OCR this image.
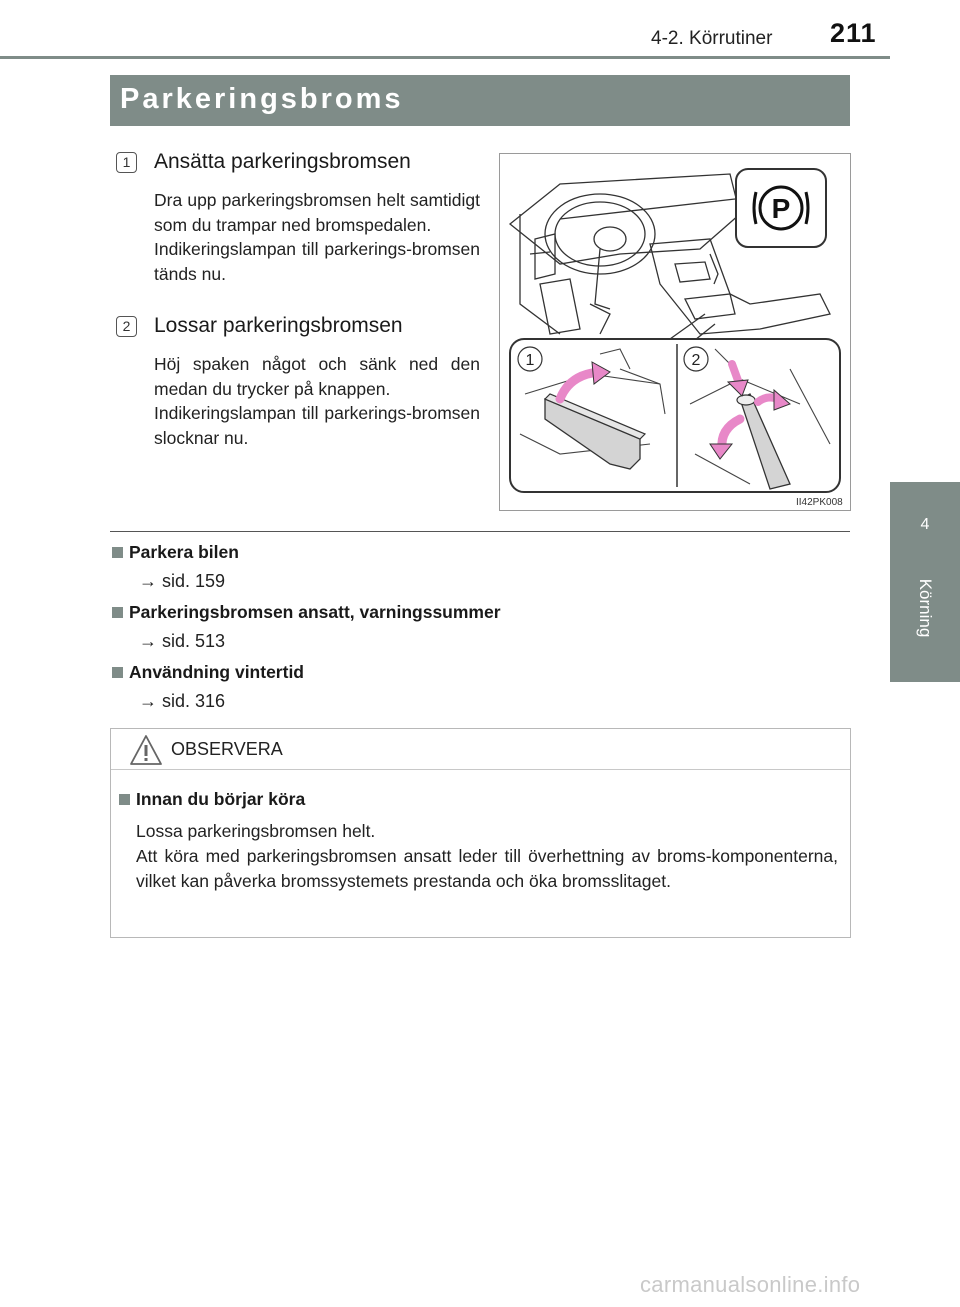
4-2. Körrutiner 211
4
Körning
Parkeringsbroms
1	Ansätta parkeringsbromsen

Dra upp parkeringsbromsen helt samtidigt som du trampar ned bromspedalen.

Indikeringslampan till parkerings-bromsen tänds nu.

2	Lossar parkeringsbromsen

Höj spaken något och sänk ned den medan du trycker på knappen.

Indikeringslampan till parkerings-bromsen slocknar nu.

P
1	2
II42PK008
Parkera bilen
→ sid. 159
Parkeringsbromsen ansatt, varningssummer
→ sid. 513
Användning vintertid
→ sid. 316
OBSERVERA
Innan du börjar köra

Lossa parkeringsbromsen helt.

Att köra med parkeringsbromsen ansatt leder till överhettning av broms-komponenterna, vilket kan påverka bromssystemets prestanda och öka bromsslitaget.

carmanualsonline.info
